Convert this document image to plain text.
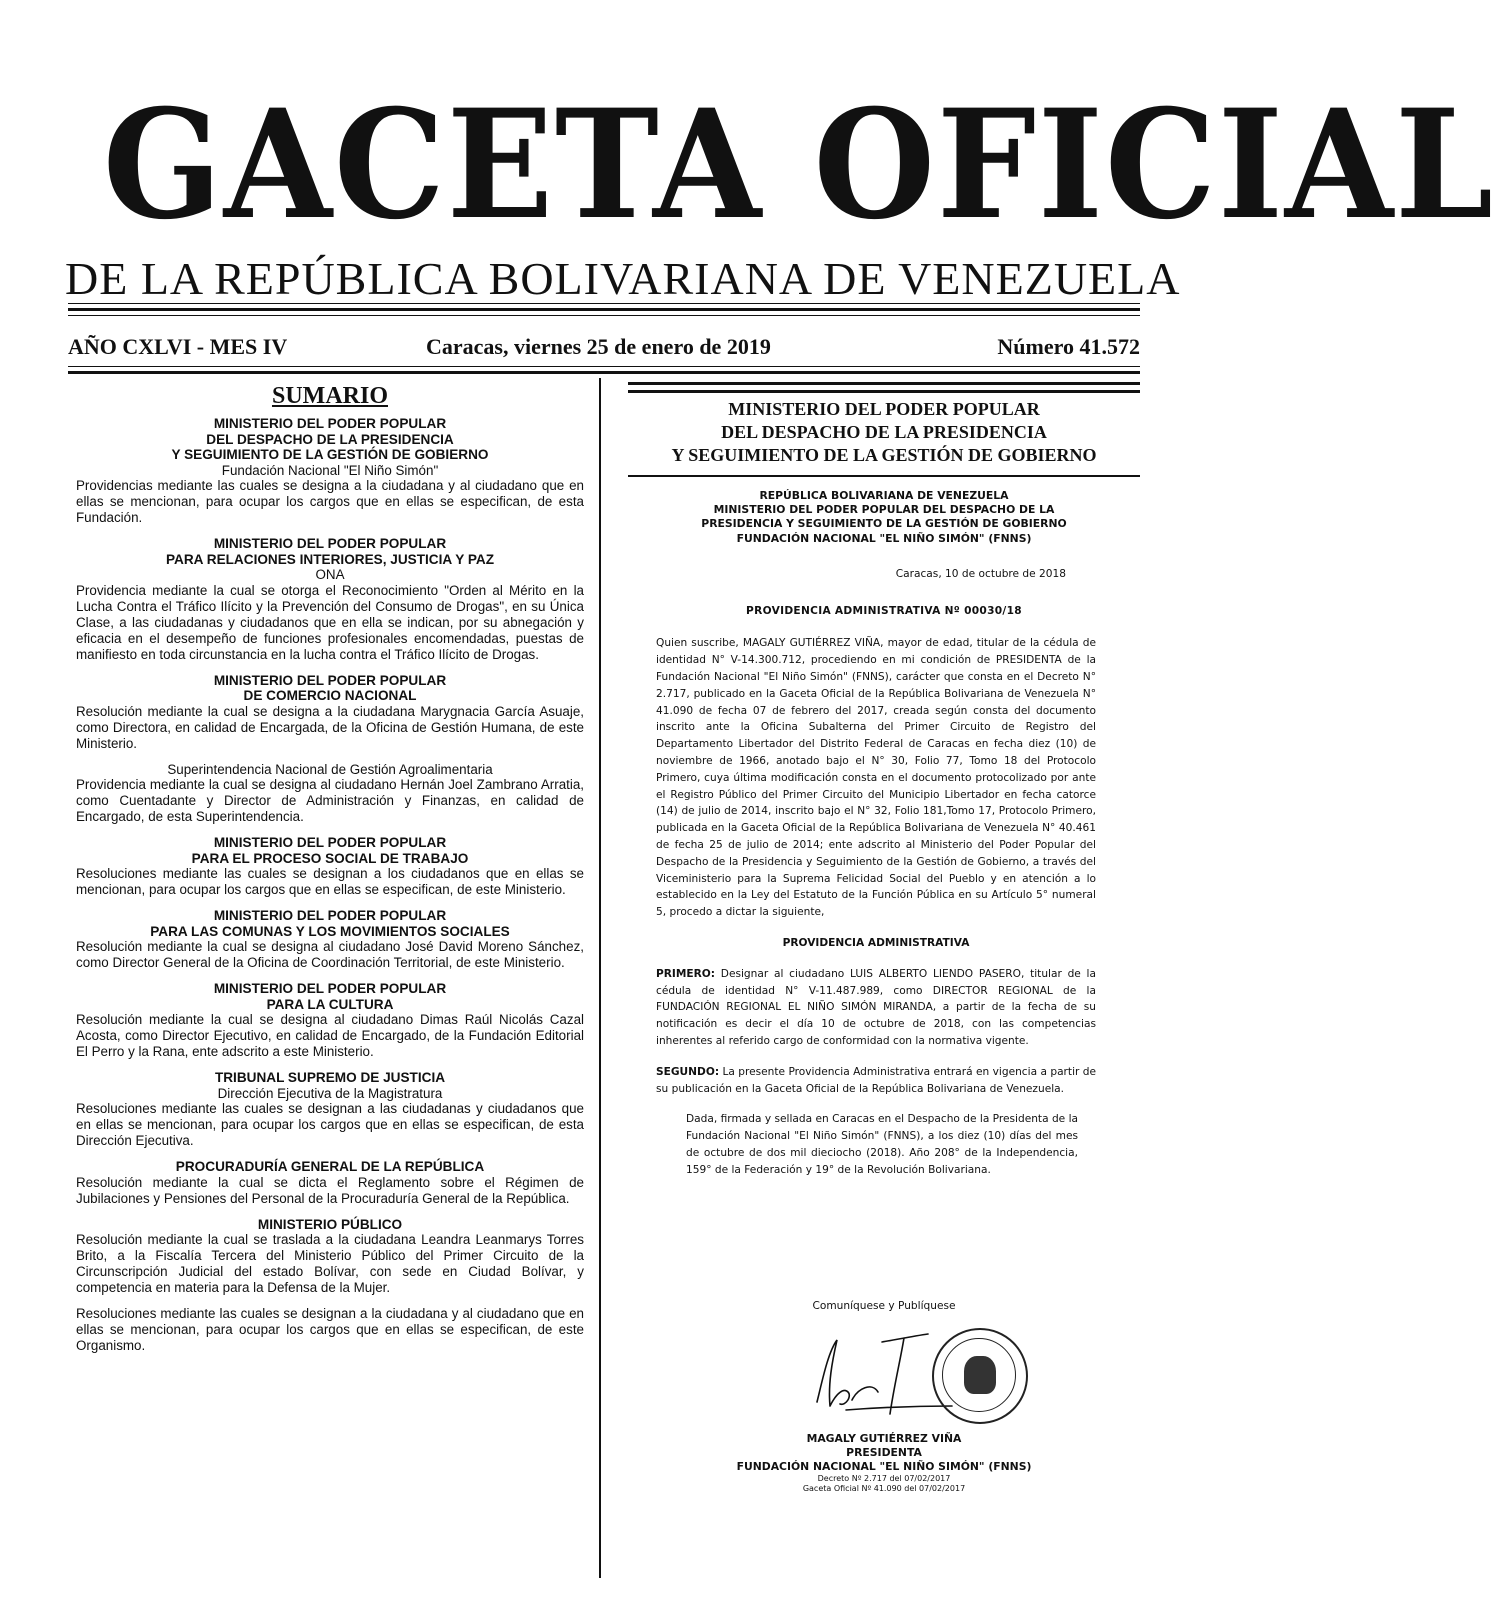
GACETA OFICIAL
DE LA REPÚBLICA BOLIVARIANA DE VENEZUELA
AÑO CXLVI - MES IV	Caracas, viernes 25 de enero de 2019	Número 41.572
SUMARIO
MINISTERIO DEL PODER POPULAR
DEL DESPACHO DE LA PRESIDENCIA
Y SEGUIMIENTO DE LA GESTIÓN DE GOBIERNO
Fundación Nacional "El Niño Simón"
Providencias mediante las cuales se designa a la ciudadana y al ciudadano que en ellas se mencionan, para ocupar los cargos que en ellas se especifican, de esta Fundación.
MINISTERIO DEL PODER POPULAR
PARA RELACIONES INTERIORES, JUSTICIA Y PAZ
ONA
Providencia mediante la cual se otorga el Reconocimiento "Orden al Mérito en la Lucha Contra el Tráfico Ilícito y la Prevención del Consumo de Drogas", en su Única Clase, a las ciudadanas y ciudadanos que en ella se indican, por su abnegación y eficacia en el desempeño de funciones profesionales encomendadas, puestas de manifiesto en toda circunstancia en la lucha contra el Tráfico Ilícito de Drogas.
MINISTERIO DEL PODER POPULAR
DE COMERCIO NACIONAL
Resolución mediante la cual se designa a la ciudadana Marygnacia García Asuaje, como Directora, en calidad de Encargada, de la Oficina de Gestión Humana, de este Ministerio.
Superintendencia Nacional de Gestión Agroalimentaria
Providencia mediante la cual se designa al ciudadano Hernán Joel Zambrano Arratia, como Cuentadante y Director de Administración y Finanzas, en calidad de Encargado, de esta Superintendencia.
MINISTERIO DEL PODER POPULAR
PARA EL PROCESO SOCIAL DE TRABAJO
Resoluciones mediante las cuales se designan a los ciudadanos que en ellas se mencionan, para ocupar los cargos que en ellas se especifican, de este Ministerio.
MINISTERIO DEL PODER POPULAR
PARA LAS COMUNAS Y LOS MOVIMIENTOS SOCIALES
Resolución mediante la cual se designa al ciudadano José David Moreno Sánchez, como Director General de la Oficina de Coordinación Territorial, de este Ministerio.
MINISTERIO DEL PODER POPULAR
PARA LA CULTURA
Resolución mediante la cual se designa al ciudadano Dimas Raúl Nicolás Cazal Acosta, como Director Ejecutivo, en calidad de Encargado, de la Fundación Editorial El Perro y la Rana, ente adscrito a este Ministerio.
TRIBUNAL SUPREMO DE JUSTICIA
Dirección Ejecutiva de la Magistratura
Resoluciones mediante las cuales se designan a las ciudadanas y ciudadanos que en ellas se mencionan, para ocupar los cargos que en ellas se especifican, de esta Dirección Ejecutiva.
PROCURADURÍA GENERAL DE LA REPÚBLICA
Resolución mediante la cual se dicta el Reglamento sobre el Régimen de Jubilaciones y Pensiones del Personal de la Procuraduría General de la República.
MINISTERIO PÚBLICO
Resolución mediante la cual se traslada a la ciudadana Leandra Leanmarys Torres Brito, a la Fiscalía Tercera del Ministerio Público del Primer Circuito de la Circunscripción Judicial del estado Bolívar, con sede en Ciudad Bolívar, y competencia en materia para la Defensa de la Mujer.
Resoluciones mediante las cuales se designan a la ciudadana y al ciudadano que en ellas se mencionan, para ocupar los cargos que en ellas se especifican, de este Organismo.
MINISTERIO DEL PODER POPULAR
DEL DESPACHO DE LA PRESIDENCIA
Y SEGUIMIENTO DE LA GESTIÓN DE GOBIERNO
REPÚBLICA BOLIVARIANA DE VENEZUELA
MINISTERIO DEL PODER POPULAR DEL DESPACHO DE LA
PRESIDENCIA Y SEGUIMIENTO DE LA GESTIÓN DE GOBIERNO
FUNDACIÓN NACIONAL "EL NIÑO SIMÓN" (FNNS)
Caracas, 10 de octubre de 2018
PROVIDENCIA ADMINISTRATIVA Nº 00030/18

Quien suscribe, MAGALY GUTIÉRREZ VIÑA, mayor de edad, titular de la cédula de identidad N° V-14.300.712, procediendo en mi condición de PRESIDENTA de la Fundación Nacional "El Niño Simón" (FNNS), carácter que consta en el Decreto N° 2.717, publicado en la Gaceta Oficial de la República Bolivariana de Venezuela N° 41.090 de fecha 07 de febrero del 2017, creada según consta del documento inscrito ante la Oficina Subalterna del Primer Circuito de Registro del Departamento Libertador del Distrito Federal de Caracas en fecha diez (10) de noviembre de 1966, anotado bajo el N° 30, Folio 77, Tomo 18 del Protocolo Primero, cuya última modificación consta en el documento protocolizado por ante el Registro Público del Primer Circuito del Municipio Libertador en fecha catorce (14) de julio de 2014, inscrito bajo el N° 32, Folio 181,Tomo 17, Protocolo Primero, publicada en la Gaceta Oficial de la República Bolivariana de Venezuela N° 40.461 de fecha 25 de julio de 2014; ente adscrito al Ministerio del Poder Popular del Despacho de la Presidencia y Seguimiento de la Gestión de Gobierno, a través del Viceministerio para la Suprema Felicidad Social del Pueblo y en atención a lo establecido en la Ley del Estatuto de la Función Pública en su Artículo 5° numeral 5, procedo a dictar la siguiente,

PROVIDENCIA ADMINISTRATIVA

PRIMERO: Designar al ciudadano LUIS ALBERTO LIENDO PASERO, titular de la cédula de identidad N° V-11.487.989, como DIRECTOR REGIONAL de la FUNDACIÓN REGIONAL EL NIÑO SIMÓN MIRANDA, a partir de la fecha de su notificación es decir el día 10 de octubre de 2018, con las competencias inherentes al referido cargo de conformidad con la normativa vigente.

SEGUNDO: La presente Providencia Administrativa entrará en vigencia a partir de su publicación en la Gaceta Oficial de la República Bolivariana de Venezuela.

Dada, firmada y sellada en Caracas en el Despacho de la Presidenta de la Fundación Nacional "El Niño Simón" (FNNS), a los diez (10) días del mes de octubre de dos mil dieciocho (2018). Año 208° de la Independencia, 159° de la Federación y 19° de la Revolución Bolivariana.

Comuníquese y Publíquese
MAGALY GUTIÉRREZ VIÑA
PRESIDENTA
FUNDACIÓN NACIONAL "EL NIÑO SIMÓN" (FNNS)
Decreto Nº 2.717 del 07/02/2017
Gaceta Oficial Nº 41.090 del 07/02/2017
